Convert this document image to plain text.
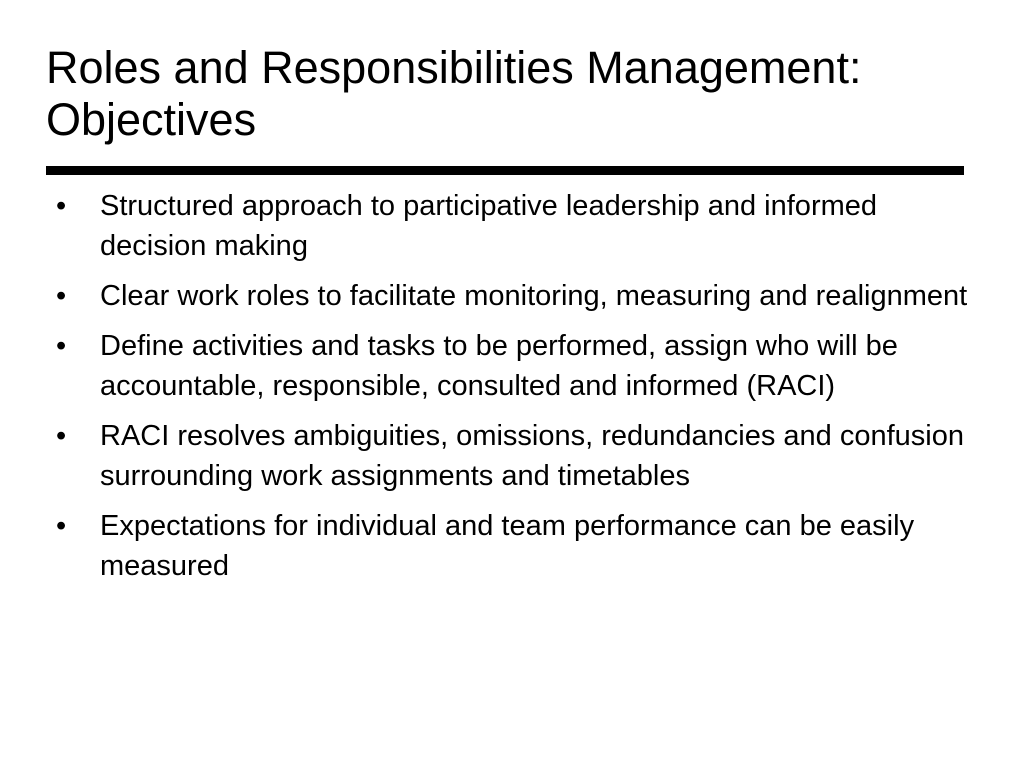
Roles and Responsibilities Management: Objectives
•	Structured approach to participative leadership and informed decision making
•	Clear work roles to facilitate monitoring, measuring and realignment
•	Define activities and tasks to be performed, assign who will be accountable, responsible, consulted and informed (RACI)
•	RACI resolves ambiguities, omissions, redundancies and confusion surrounding work assignments and timetables
•	Expectations for individual and team performance can be easily measured
